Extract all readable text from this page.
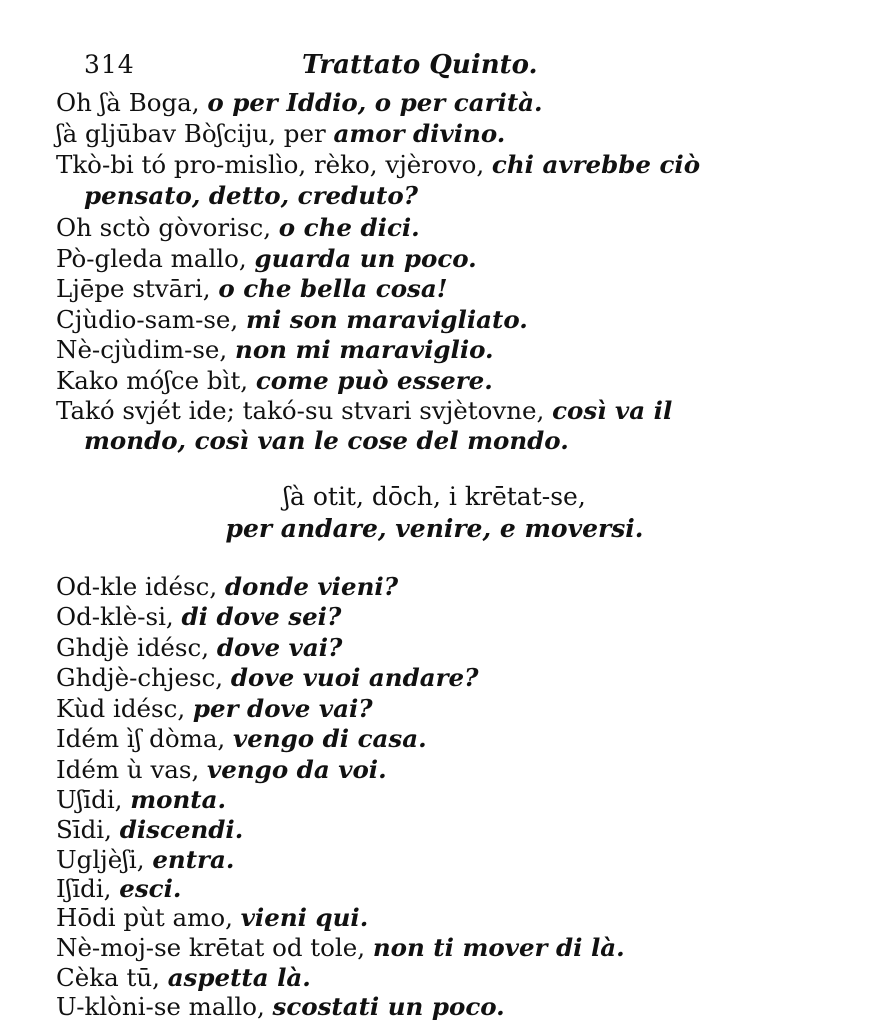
314	Trattato Quinto.
Oh ʃà Boga, o per Iddio, o per carità.
ʃà gljūbav Bòʃciju, per amor divino.
Tkò-bi tó pro-mislìo, rèko, vjèrovo, chi avrebbe ciò
pensato, detto, creduto?
Oh sctò gòvorisc, o che dici.
Pò-gleda mallo, guarda un poco.
Ljēpe stvāri, o che bella cosa!
Cjùdio-sam-se, mi son maravigliato.
Nè-cjùdim-se, non mi maraviglio.
Kako móʃce bìt, come può essere.
Takó svjét ide; takó-su stvari svjètovne, così va il
mondo, così van le cose del mondo.
ʃà otit, dōch, i krētat-se,
per andare, venire, e moversi.
Od-kle idésc, donde vieni?
Od-klè-si, di dove sei?
Ghdjè idésc, dove vai?
Ghdjè-chjesc, dove vuoi andare?
Kùd idésc, per dove vai?
Idém ìʃ dòma, vengo di casa.
Idém ù vas, vengo da voi.
Uʃīdi, monta.
Sīdi, discendi.
Ugljèʃi, entra.
Iʃīdi, esci.
Hōdi pùt amo, vieni qui.
Nè-moj-se krētat od tole, non ti mover di là.
Cèka tū, aspetta là.
U-klòni-se mallo, scostati un poco.
